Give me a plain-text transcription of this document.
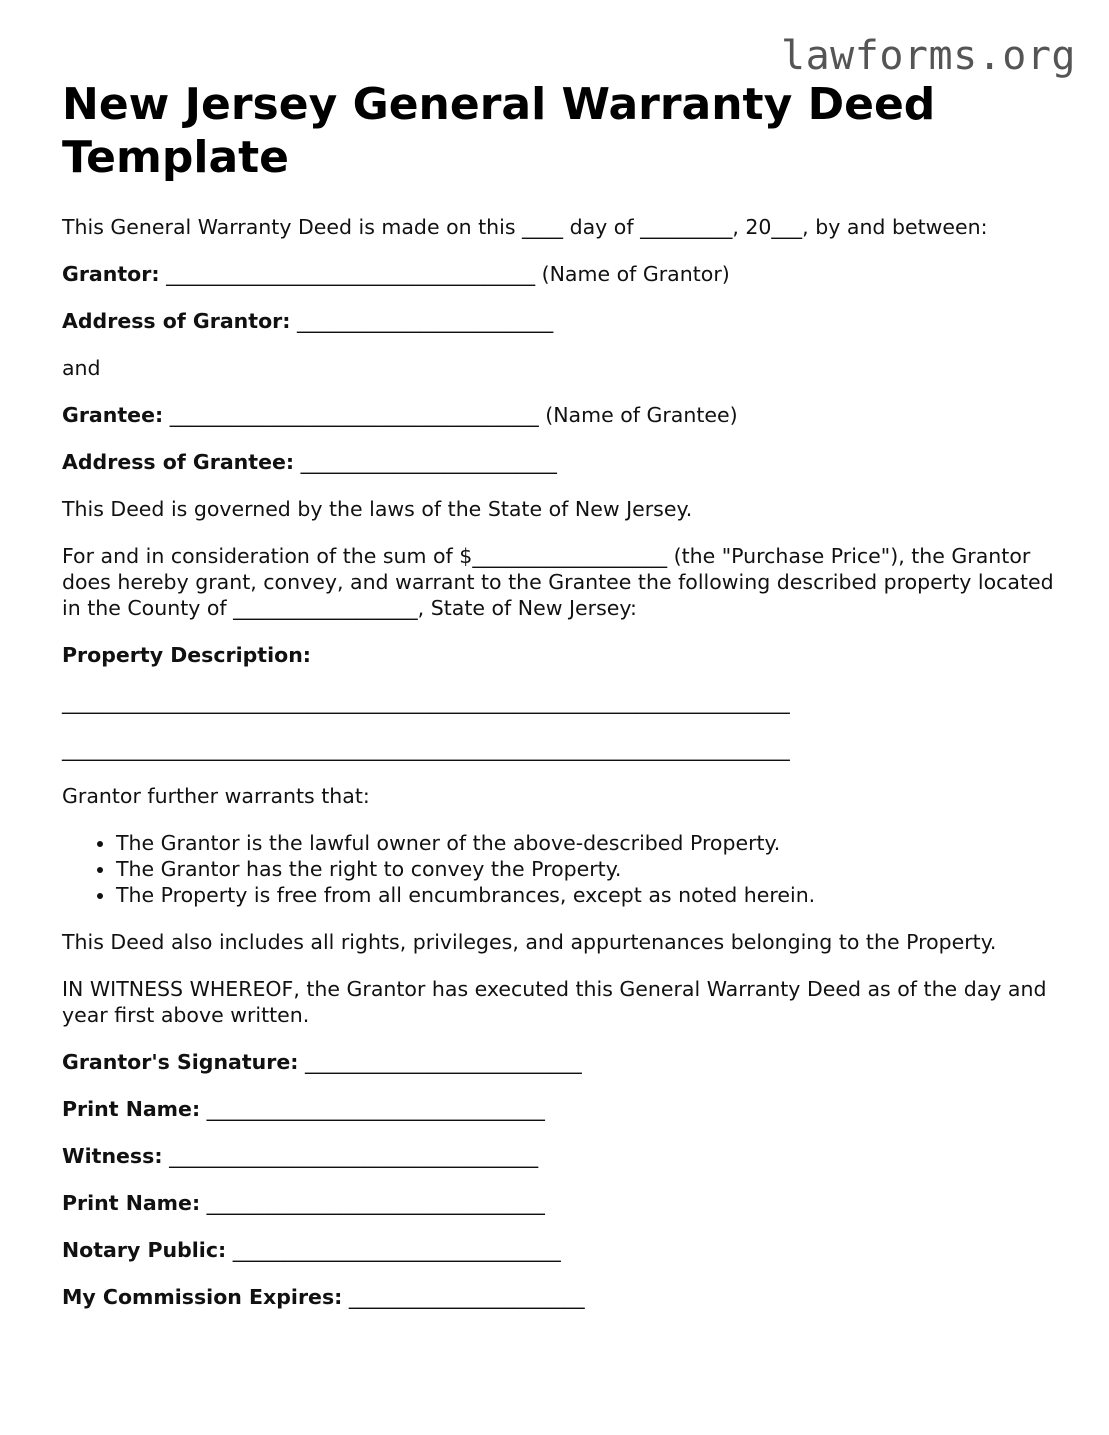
lawforms.org
New Jersey General Warranty Deed Template

This General Warranty Deed is made on this ____ day of _________, 20___, by and between:

Grantor: ____________________________________ (Name of Grantor)

Address of Grantor: _________________________

and

Grantee: ____________________________________ (Name of Grantee)

Address of Grantee: _________________________

This Deed is governed by the laws of the State of New Jersey.

For and in consideration of the sum of $___________________ (the "Purchase Price"), the Grantor does hereby grant, convey, and warrant to the Grantee the following described property located in the County of __________________, State of New Jersey:

Property Description:

_______________________________________________________________________

_______________________________________________________________________

Grantor further warrants that:

• The Grantor is the lawful owner of the above-described Property.
• The Grantor has the right to convey the Property.
• The Property is free from all encumbrances, except as noted herein.

This Deed also includes all rights, privileges, and appurtenances belonging to the Property.

IN WITNESS WHEREOF, the Grantor has executed this General Warranty Deed as of the day and year first above written.

Grantor's Signature: ___________________________

Print Name: _________________________________

Witness: ____________________________________

Print Name: _________________________________

Notary Public: ________________________________

My Commission Expires: _______________________
